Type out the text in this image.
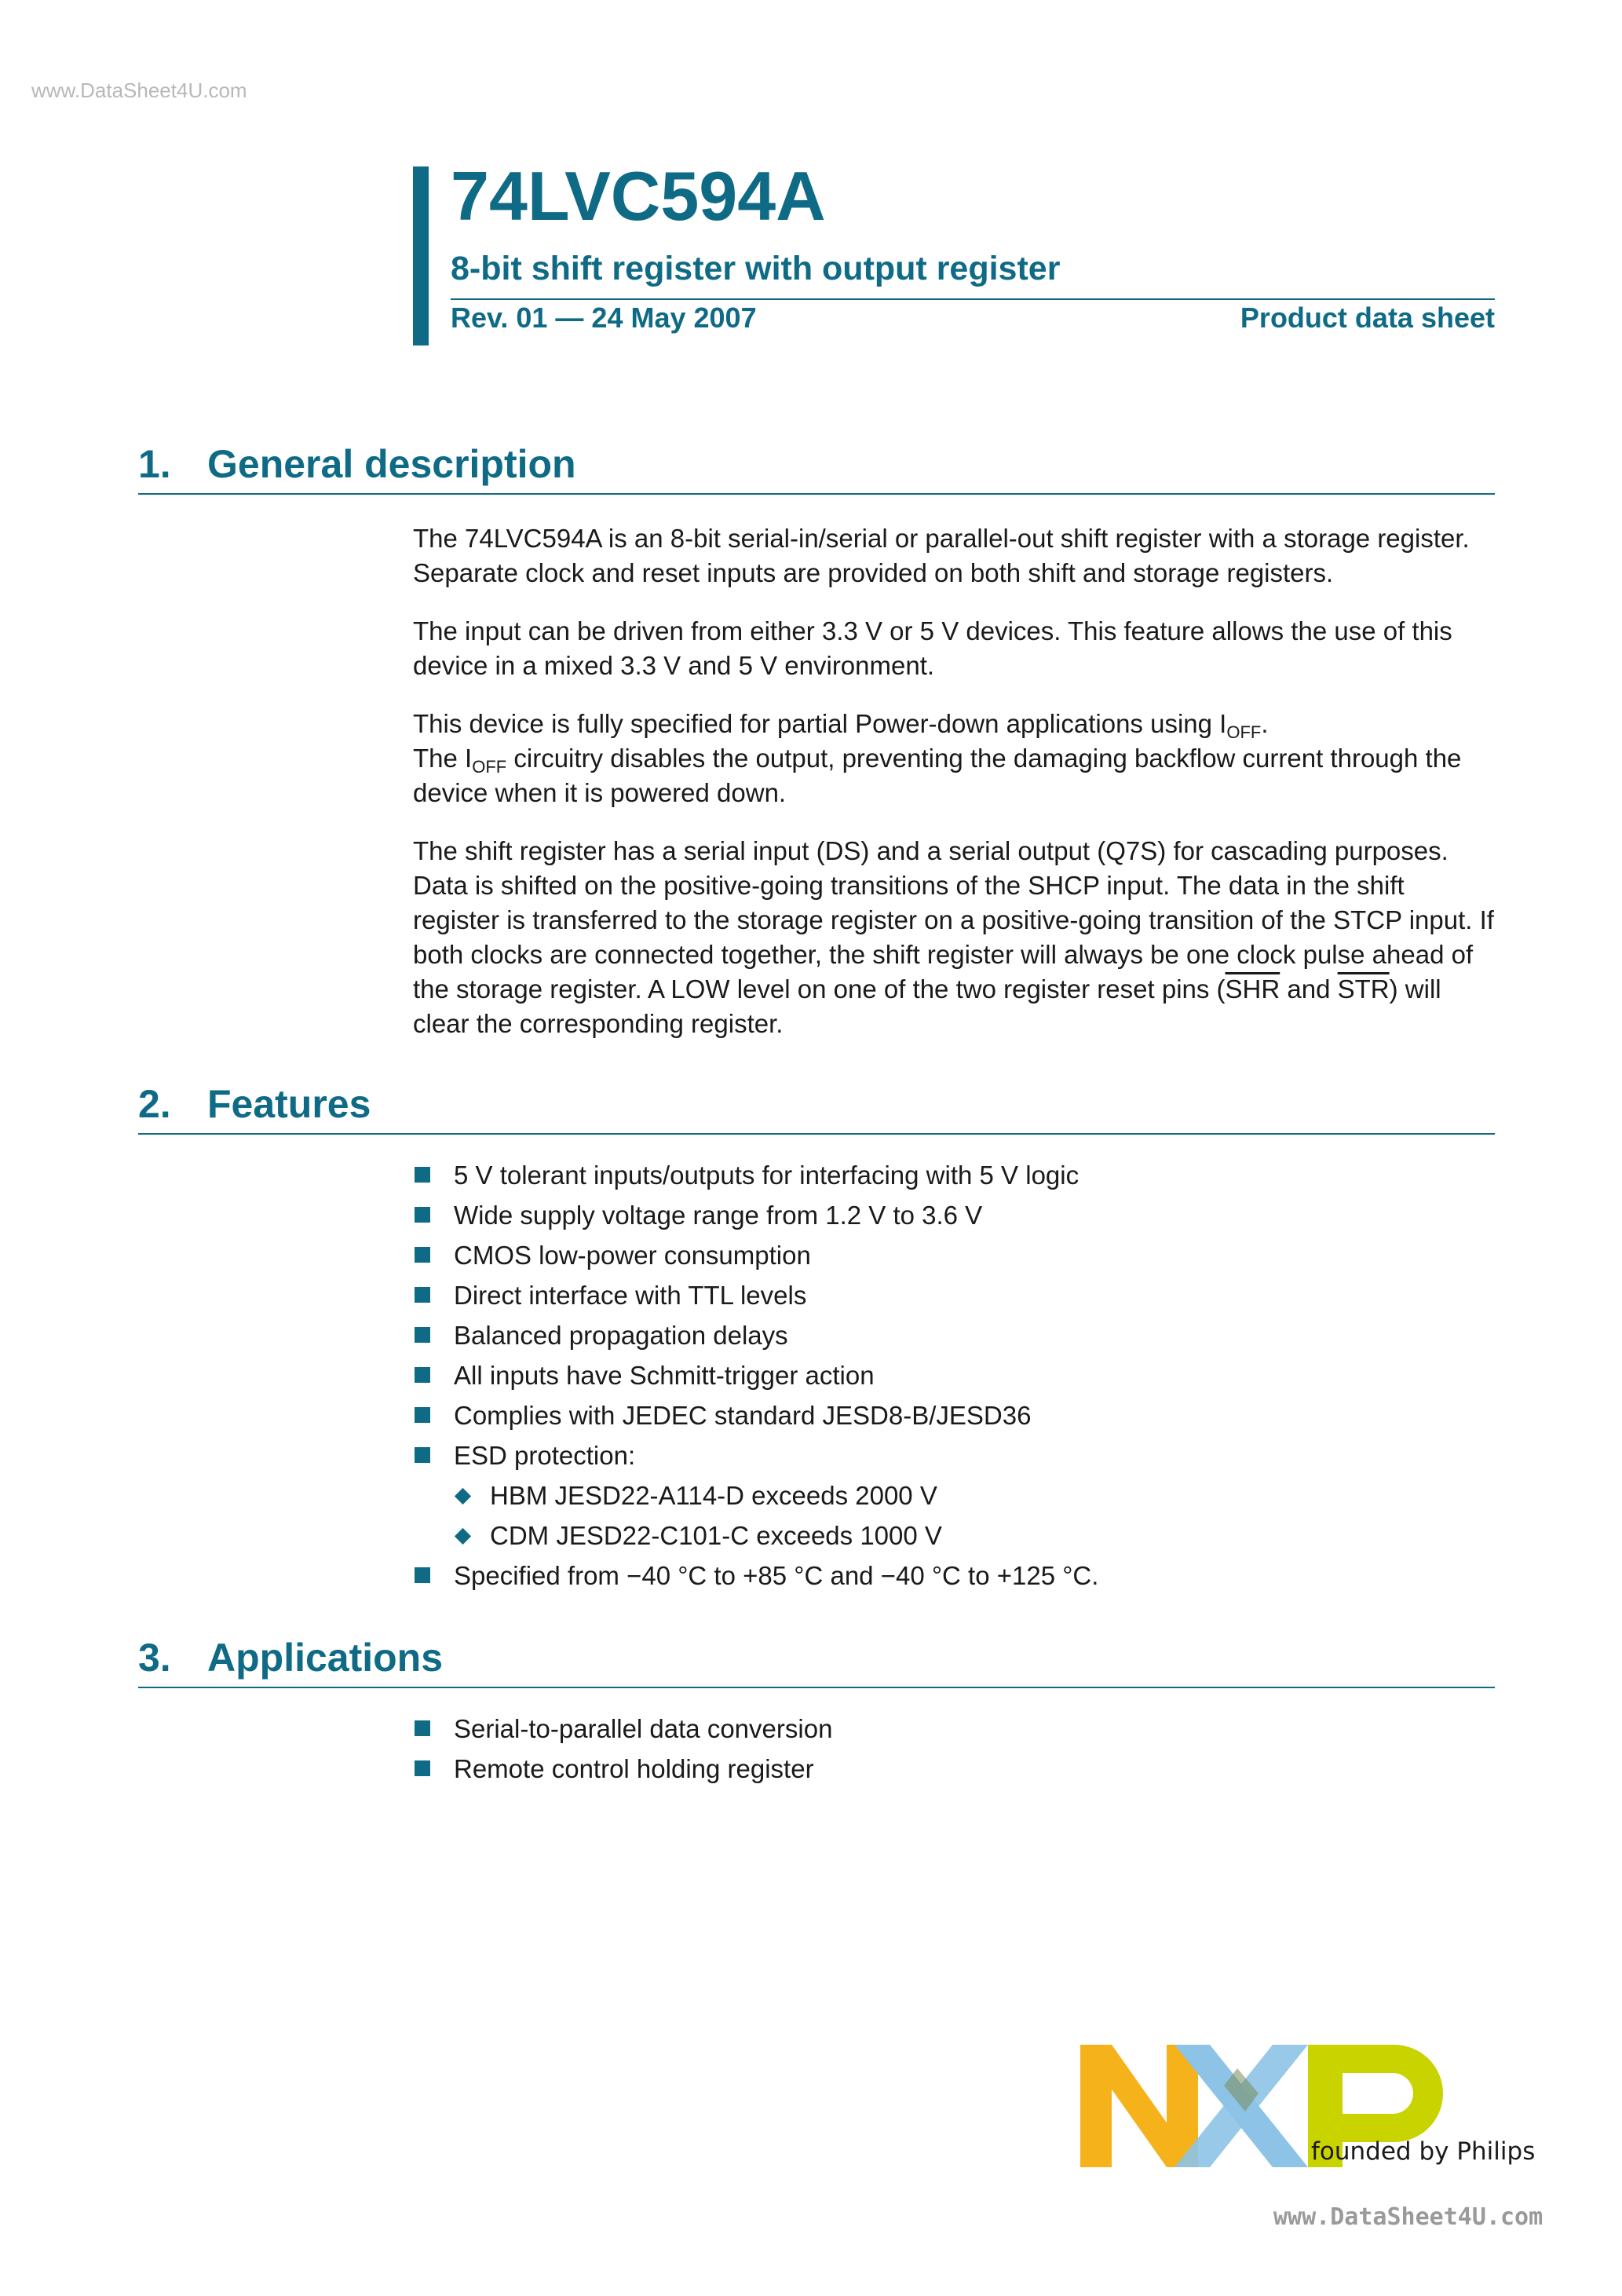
www.DataSheet4U.com
74LVC594A
8-bit shift register with output register
Rev. 01 — 24 May 2007	Product data sheet
1. General description

The 74LVC594A is an 8-bit serial-in/serial or parallel-out shift register with a storage register. Separate clock and reset inputs are provided on both shift and storage registers.

The input can be driven from either 3.3 V or 5 V devices. This feature allows the use of this device in a mixed 3.3 V and 5 V environment.

This device is fully specified for partial Power-down applications using $I_{OFF}$.
The $I_{OFF}$ circuitry disables the output, preventing the damaging backflow current through the device when it is powered down.

The shift register has a serial input (DS) and a serial output (Q7S) for cascading purposes. Data is shifted on the positive-going transitions of the SHCP input. The data in the shift register is transferred to the storage register on a positive-going transition of the STCP input. If both clocks are connected together, the shift register will always be one clock pulse ahead of the storage register. A LOW level on one of the two register reset pins ($\overline{SHR}$ and $\overline{STR}$) will clear the corresponding register.

2. Features
5 V tolerant inputs/outputs for interfacing with 5 V logic
Wide supply voltage range from 1.2 V to 3.6 V
CMOS low-power consumption
Direct interface with TTL levels
Balanced propagation delays
All inputs have Schmitt-trigger action
Complies with JEDEC standard JESD8-B/JESD36
ESD protection:
HBM JESD22-A114-D exceeds 2000 V
CDM JESD22-C101-C exceeds 1000 V
Specified from −40 °C to +85 °C and −40 °C to +125 °C.
3. Applications
Serial-to-parallel data conversion
Remote control holding register
founded by Philips
www.DataSheet4U.com
